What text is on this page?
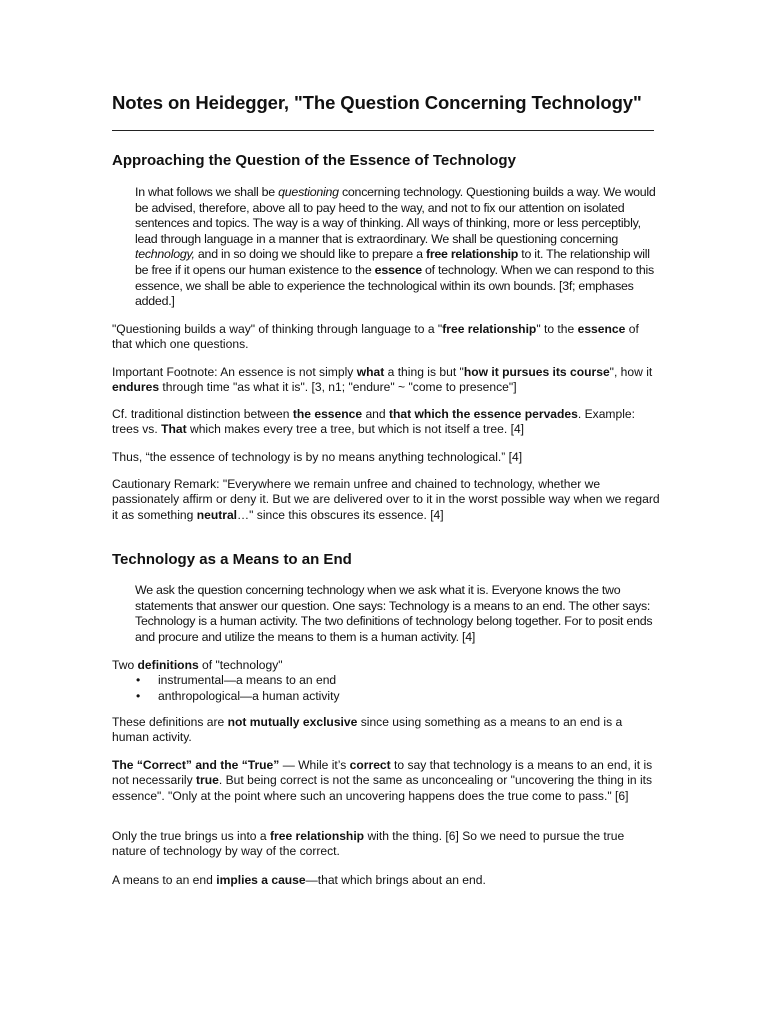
Notes on Heidegger, "The Question Concerning Technology"
Approaching the Question of the Essence of Technology
In what follows we shall be questioning concerning technology. Questioning builds a way. We would be advised, therefore, above all to pay heed to the way, and not to fix our attention on isolated sentences and topics. The way is a way of thinking. All ways of thinking, more or less perceptibly, lead through language in a manner that is extraordinary. We shall be questioning concerning technology, and in so doing we should like to prepare a free relationship to it. The relationship will be free if it opens our human existence to the essence of technology. When we can respond to this essence, we shall be able to experience the technological within its own bounds. [3f; emphases added.]
"Questioning builds a way" of thinking through language to a "free relationship" to the essence of that which one questions.
Important Footnote: An essence is not simply what a thing is but "how it pursues its course", how it endures through time "as what it is". [3, n1; "endure" ~ "come to presence"]
Cf. traditional distinction between the essence and that which the essence pervades. Example: trees vs. That which makes every tree a tree, but which is not itself a tree. [4]
Thus, “the essence of technology is by no means anything technological.” [4]
Cautionary Remark: "Everywhere we remain unfree and chained to technology, whether we passionately affirm or deny it. But we are delivered over to it in the worst possible way when we regard it as something neutral…" since this obscures its essence. [4]
Technology as a Means to an End
We ask the question concerning technology when we ask what it is. Everyone knows the two statements that answer our question. One says: Technology is a means to an end. The other says: Technology is a human activity. The two definitions of technology belong together. For to posit ends and procure and utilize the means to them is a human activity. [4]
Two definitions of "technology"
• instrumental—a means to an end
• anthropological—a human activity
These definitions are not mutually exclusive since using something as a means to an end is a human activity.
The “Correct” and the “True” — While it’s correct to say that technology is a means to an end, it is not necessarily true. But being correct is not the same as unconcealing or "uncovering the thing in its essence". "Only at the point where such an uncovering happens does the true come to pass." [6]
Only the true brings us into a free relationship with the thing. [6] So we need to pursue the true nature of technology by way of the correct.
A means to an end implies a cause—that which brings about an end.
